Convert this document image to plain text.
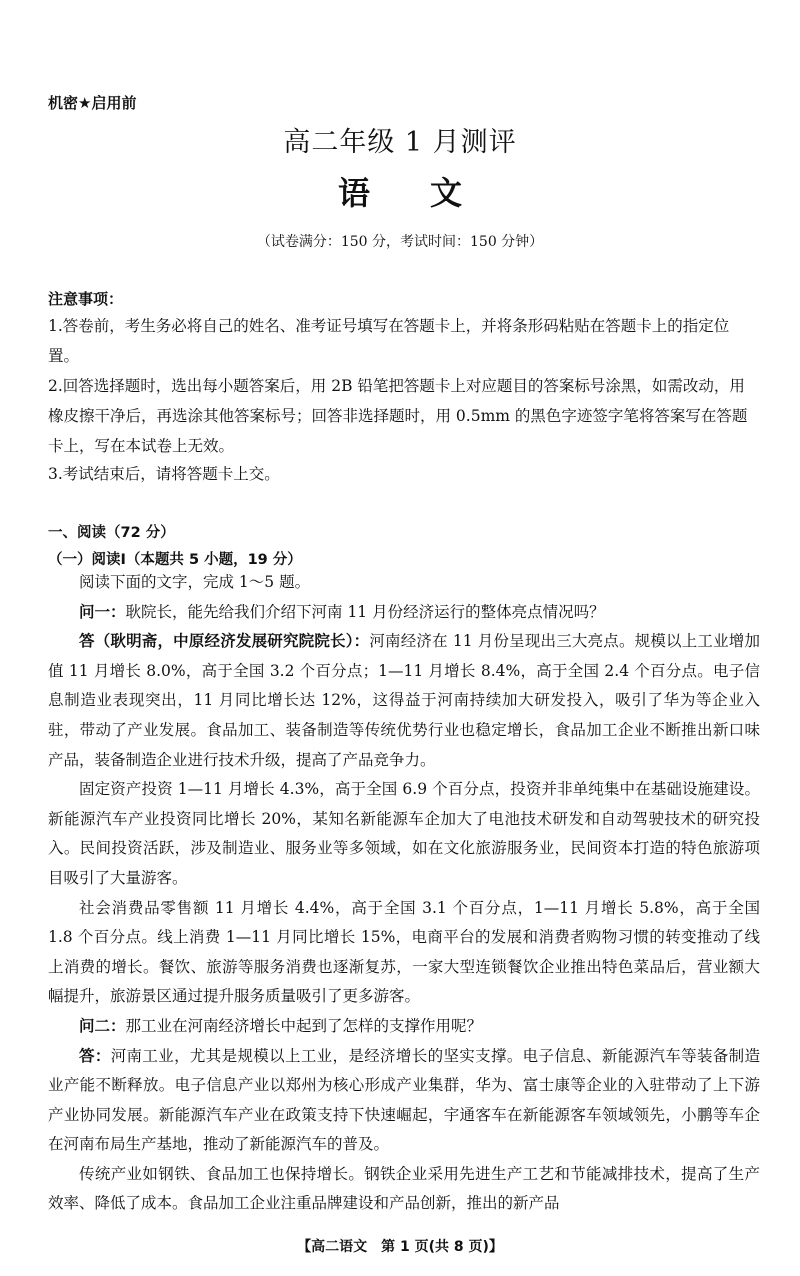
机密★启用前
高二年级 1 月测评
语文
（试卷满分：150 分，考试时间：150 分钟）
注意事项：
1.答卷前，考生务必将自己的姓名、准考证号填写在答题卡上，并将条形码粘贴在答题卡上的指定位置。
2.回答选择题时，选出每小题答案后，用 2B 铅笔把答题卡上对应题目的答案标号涂黑，如需改动，用橡皮擦干净后，再选涂其他答案标号；回答非选择题时，用 0.5mm 的黑色字迹签字笔将答案写在答题卡上，写在本试卷上无效。
3.考试结束后，请将答题卡上交。
一、阅读（72 分）
（一）阅读Ⅰ（本题共 5 小题，19 分）

阅读下面的文字，完成 1～5 题。

问一：耿院长，能先给我们介绍下河南 11 月份经济运行的整体亮点情况吗？

答（耿明斋，中原经济发展研究院院长）：河南经济在 11 月份呈现出三大亮点。规模以上工业增加值 11 月增长 8.0%，高于全国 3.2 个百分点；1—11 月增长 8.4%，高于全国 2.4 个百分点。电子信息制造业表现突出，11 月同比增长达 12%，这得益于河南持续加大研发投入，吸引了华为等企业入驻，带动了产业发展。食品加工、装备制造等传统优势行业也稳定增长，食品加工企业不断推出新口味产品，装备制造企业进行技术升级，提高了产品竞争力。

固定资产投资 1—11 月增长 4.3%，高于全国 6.9 个百分点，投资并非单纯集中在基础设施建设。新能源汽车产业投资同比增长 20%，某知名新能源车企加大了电池技术研发和自动驾驶技术的研究投入。民间投资活跃，涉及制造业、服务业等多领域，如在文化旅游服务业，民间资本打造的特色旅游项目吸引了大量游客。

社会消费品零售额 11 月增长 4.4%，高于全国 3.1 个百分点，1—11 月增长 5.8%，高于全国 1.8 个百分点。线上消费 1—11 月同比增长 15%，电商平台的发展和消费者购物习惯的转变推动了线上消费的增长。餐饮、旅游等服务消费也逐渐复苏，一家大型连锁餐饮企业推出特色菜品后，营业额大幅提升，旅游景区通过提升服务质量吸引了更多游客。

问二：那工业在河南经济增长中起到了怎样的支撑作用呢？

答：河南工业，尤其是规模以上工业，是经济增长的坚实支撑。电子信息、新能源汽车等装备制造业产能不断释放。电子信息产业以郑州为核心形成产业集群，华为、富士康等企业的入驻带动了上下游产业协同发展。新能源汽车产业在政策支持下快速崛起，宇通客车在新能源客车领域领先，小鹏等车企在河南布局生产基地，推动了新能源汽车的普及。

传统产业如钢铁、食品加工也保持增长。钢铁企业采用先进生产工艺和节能减排技术，提高了生产效率、降低了成本。食品加工企业注重品牌建设和产品创新，推出的新产品

【高二语文　第 1 页(共 8 页)】
